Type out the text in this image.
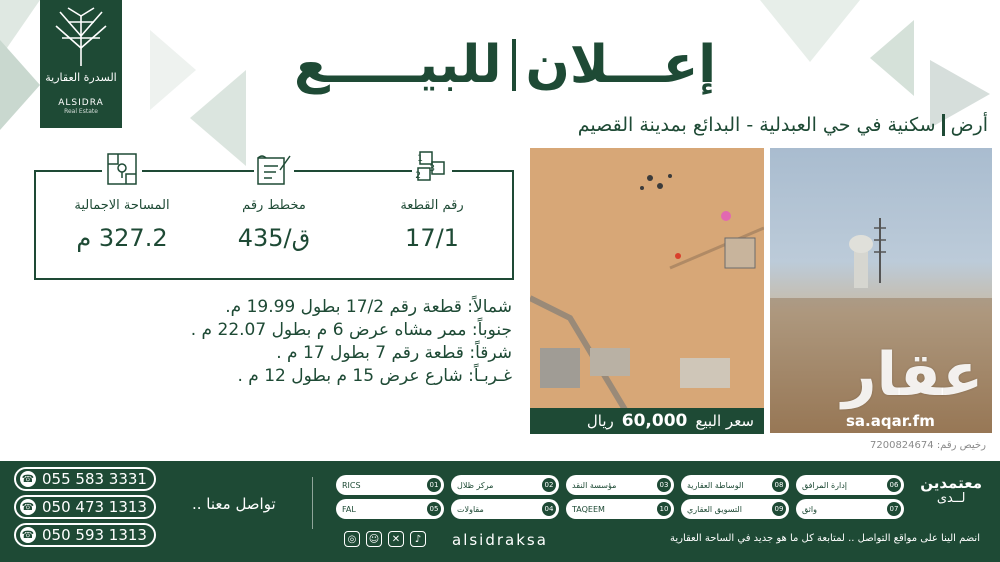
السدرة العقارية
ALSIDRA
Real Estate
إعـــلان
للبيـــــع
أرض
سكنية في حي العبدلية - البدائع بمدينة القصيم
1
2
3
رقم القطعة
17/1
مخطط رقم
ق/435
المساحة الاجمالية
327.2 م
شمالاً: قطعة رقم 17/2 بطول 19.99 م.
جنوباً: ممر مشاه عرض 6 م بطول 22.07 م .
شرقاً: قطعة رقم 7 بطول 17 م .
غـربـاً: شارع عرض 15 م بطول 12 م .
سعر البيع
60,000
ريال
عقار
sa.aqar.fm
رخيص رقم: 7200824674
☎ 055 583 3331
☎ 050 473 1313
☎ 050 593 1313
تواصل معنا ..
RICS	01	مركز ظلال	02	مؤسسة النقد	03	الوساطة العقارية	08	إدارة المرافق	06
FAL	05	مقاولات	04	TAQEEM	10	التسويق العقاري	09	واثق	07
معتمدين
لــدى
◎	☺	✕	♪	alsidraksa	انضم الينا على مواقع التواصل .. لمتابعة كل ما هو جديد في الساحة العقارية
